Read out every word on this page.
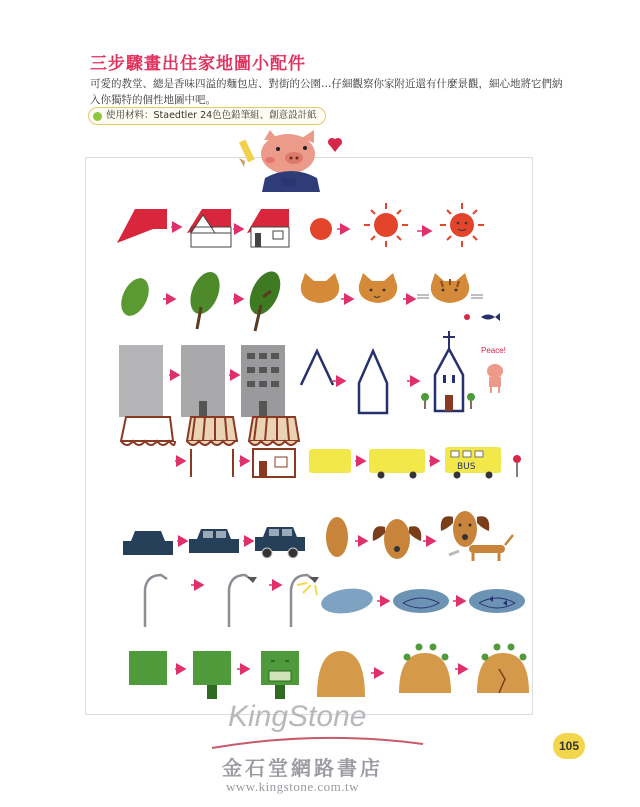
三步驟畫出住家地圖小配件
可愛的教堂、總是香味四溢的麵包店、對街的公園…仔細觀察你家附近還有什麼景觀，細心地將它們納入你獨特的個性地圖中吧。
使用材料：Staedtler 24色色鉛筆組、創意設計紙
Peace!
BUS
KingStone
金石堂網路書店
www.kingstone.com.tw
105
